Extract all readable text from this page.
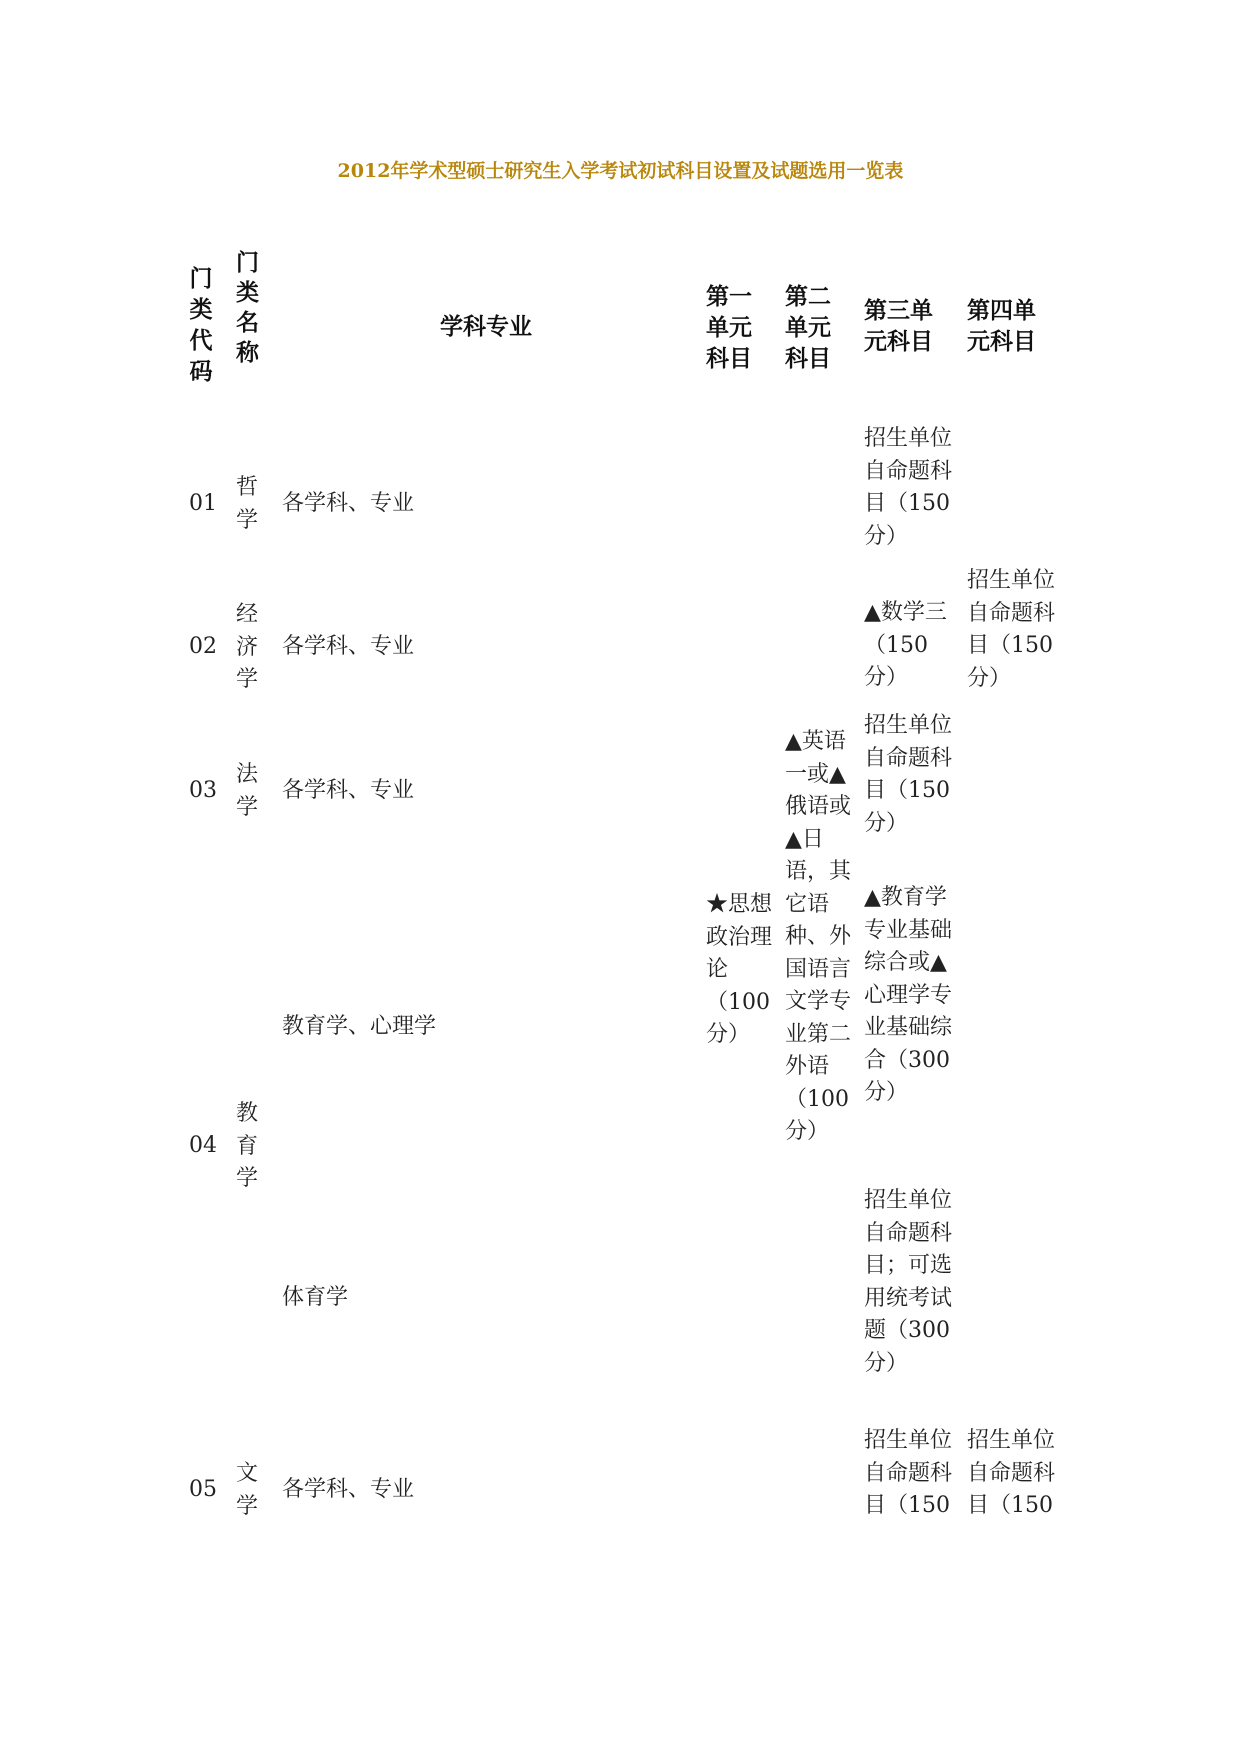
2012年学术型硕士研究生入学考试初试科目设置及试题选用一览表
门类代码
门类 名称
学科专业
第一单元科目
第二单元科目
第三单元科目
第四单元科目
01
哲学
各学科、专业
招生单位自命题科目（150分）
02
经济学
各学科、专业
▲数学三（150分）
招生单位自命题科目（150分）
03
法学
各学科、专业
招生单位自命题科目（150分）
★思想政治理论（100分）
▲英语一或▲俄语或▲日语，其它语种、外国语言文学专业第二外语（100分）
04
教育学
教育学、心理学
▲教育学专业基础综合或▲心理学专业基础综合（300分）
体育学
招生单位自命题科目；可选用统考试题（300分）
05
文学
各学科、专业
招生单位自命题科目（150
招生单位自命题科目（150
